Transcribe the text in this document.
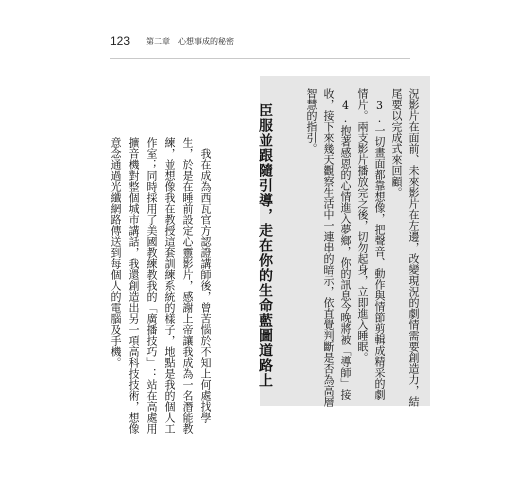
123 第二章　心想事成的秘密

況影片在面前、未來影片在左邊，改變現況的劇情需要創造力，結尾要以完成式來回顧。

　3.一切畫面都靠想像，把聲音、動作與情節剪輯成精采的劇情片。兩支影片播放完之後，切勿起身，立即進入睡眠。

　4.抱著感恩的心情進入夢鄉，你的訊息今晚將被「導師」接收，接下來幾天觀察生活中一連串的暗示，依直覺判斷是否為高層智慧的指引。

臣服並跟隨引導，走在你的生命藍圖道路上

　我在成為西瓦官方認證講師後，曾苦惱於不知上何處找學生，於是在睡前設定心靈影片，感謝上帝讓我成為一名潛能教練，並想像我在教授這套訓練系統的樣子，地點是我的個人工作室；同時採用了美國教練教我的「廣播技巧」：站在高處用擴音機對整個城市講話，我還創造出另一項高科技技術，想像意念通過光纖網路傳送到每個人的電腦及手機。
